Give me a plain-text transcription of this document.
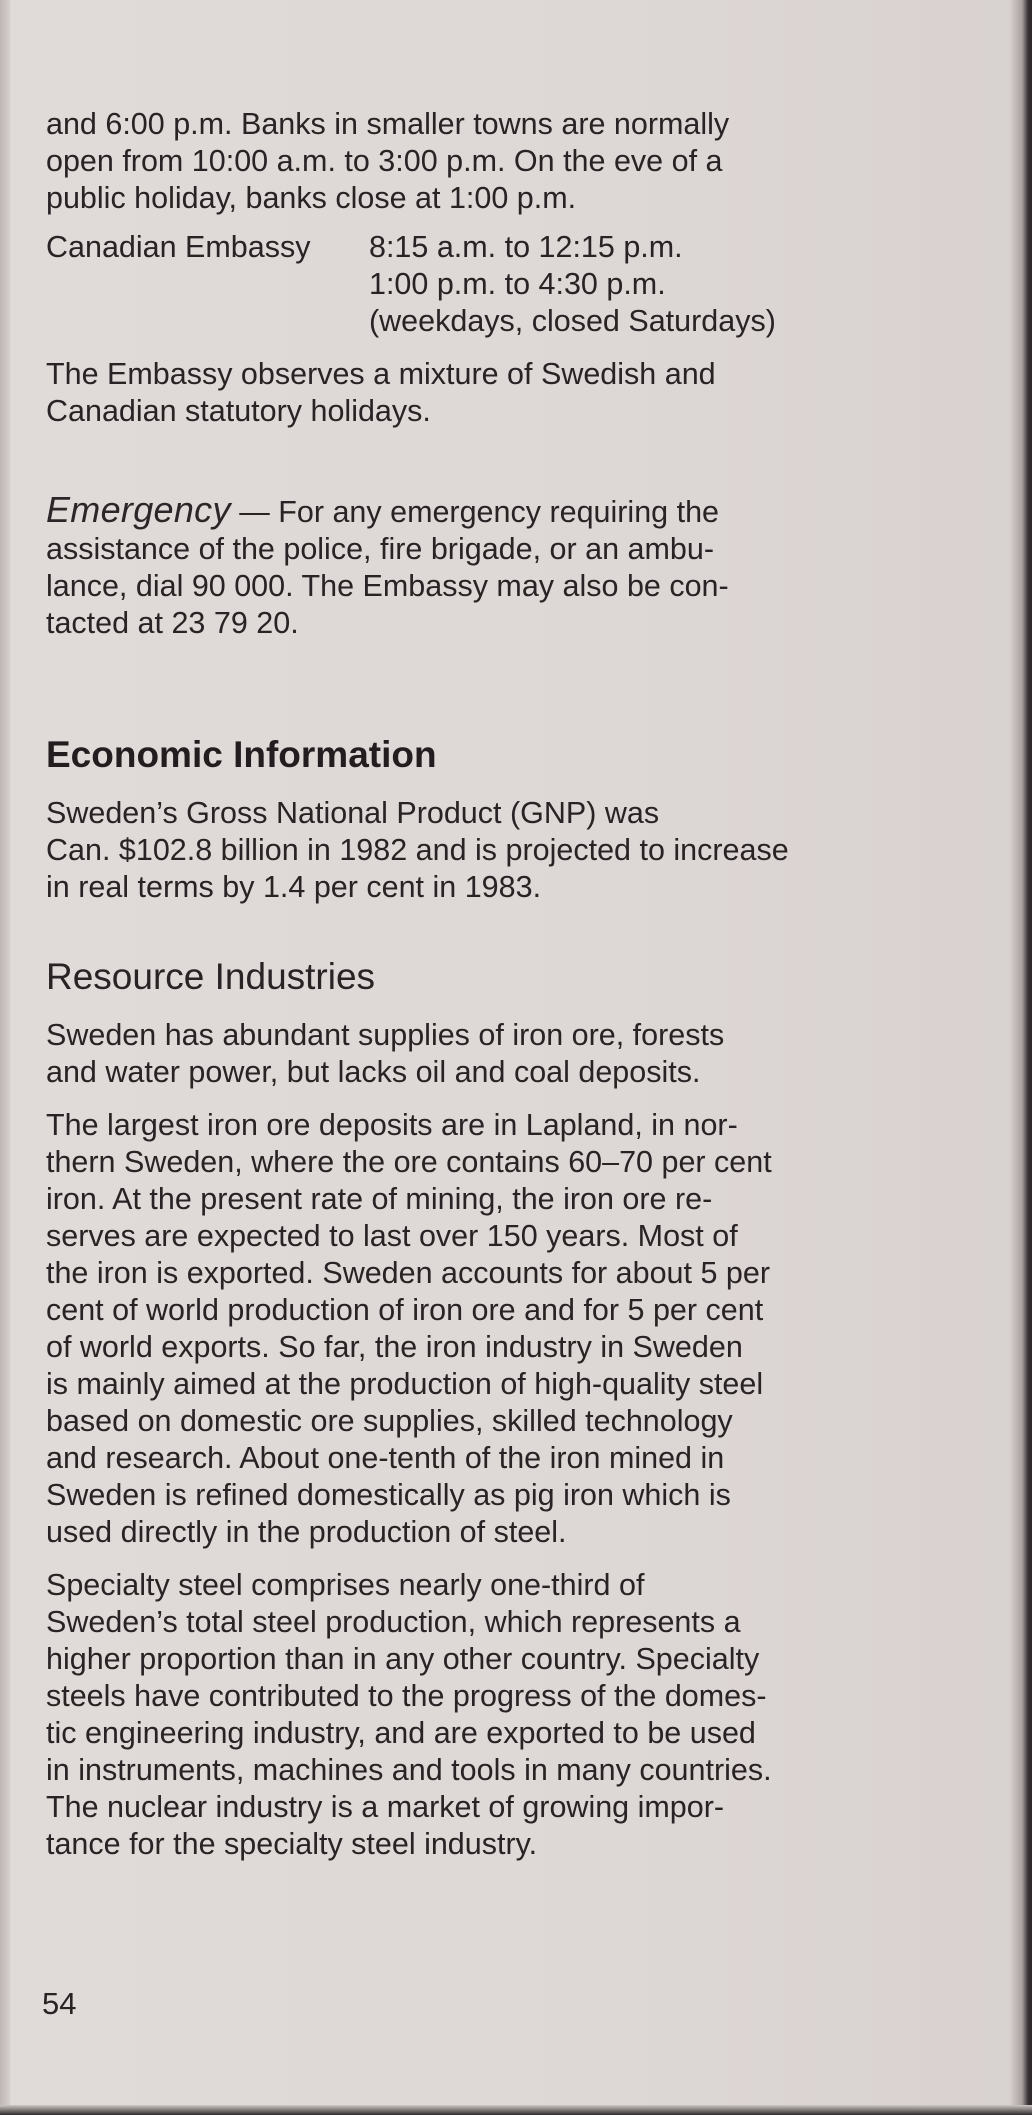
and 6:00 p.m. Banks in smaller towns are normally
open from 10:00 a.m. to 3:00 p.m. On the eve of a
public holiday, banks close at 1:00 p.m.

Canadian Embassy	8:15 a.m. to 12:15 p.m.
1:00 p.m. to 4:30 p.m.
(weekdays, closed Saturdays)

The Embassy observes a mixture of Swedish and
Canadian statutory holidays.

Emergency — For any emergency requiring the
assistance of the police, fire brigade, or an ambu-
lance, dial 90 000. The Embassy may also be con-
tacted at 23 79 20.

Economic Information

Sweden’s Gross National Product (GNP) was
Can. $102.8 billion in 1982 and is projected to increase
in real terms by 1.4 per cent in 1983.

Resource Industries

Sweden has abundant supplies of iron ore, forests
and water power, but lacks oil and coal deposits.

The largest iron ore deposits are in Lapland, in nor-
thern Sweden, where the ore contains 60–70 per cent
iron. At the present rate of mining, the iron ore re-
serves are expected to last over 150 years. Most of
the iron is exported. Sweden accounts for about 5 per
cent of world production of iron ore and for 5 per cent
of world exports. So far, the iron industry in Sweden
is mainly aimed at the production of high-quality steel
based on domestic ore supplies, skilled technology
and research. About one-tenth of the iron mined in
Sweden is refined domestically as pig iron which is
used directly in the production of steel.

Specialty steel comprises nearly one-third of
Sweden’s total steel production, which represents a
higher proportion than in any other country. Specialty
steels have contributed to the progress of the domes-
tic engineering industry, and are exported to be used
in instruments, machines and tools in many countries.
The nuclear industry is a market of growing impor-
tance for the specialty steel industry.

54
